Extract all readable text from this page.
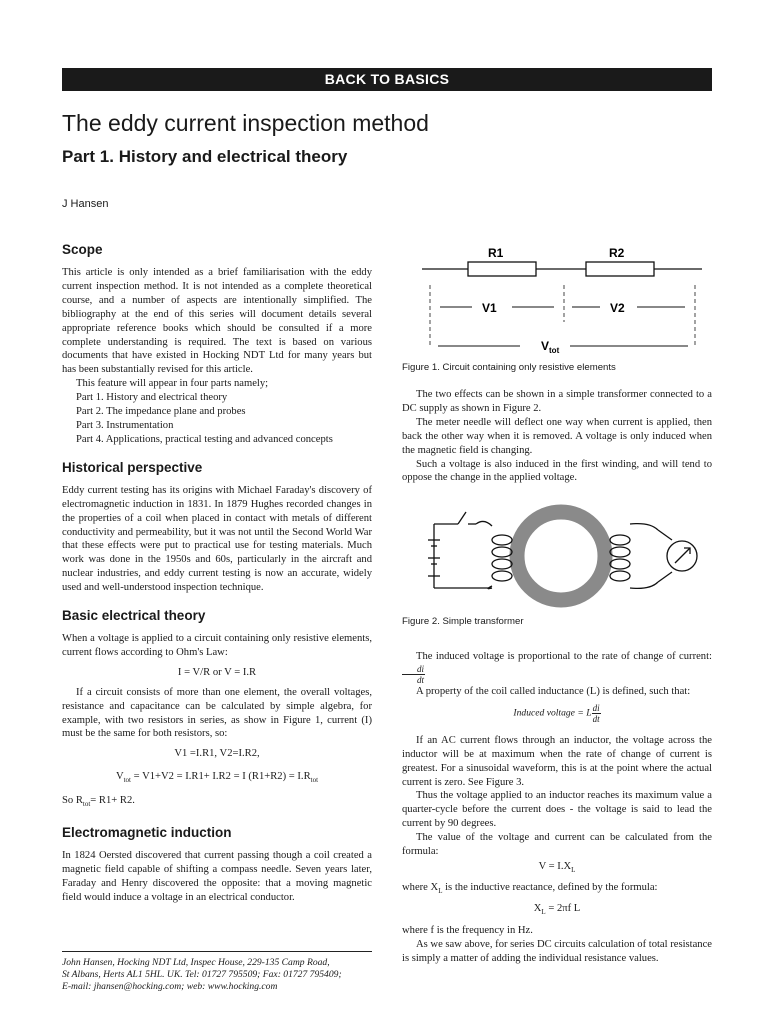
BACK TO BASICS
The eddy current inspection method
Part 1. History and electrical theory
J Hansen
Scope

This article is only intended as a brief familiarisation with the eddy current inspection method. It is not intended as a complete theoretical course, and a number of aspects are intentionally simplified. The bibliography at the end of this series will document details several appropriate reference books which should be consulted if a more complete understanding is required. The text is based on various documents that have existed in Hocking NDT Ltd for many years but has been substantially revised for this article.

This feature will appear in four parts namely;

Part 1. History and electrical theory

Part 2. The impedance plane and probes

Part 3. Instrumentation

Part 4. Applications, practical testing and advanced concepts

Historical perspective

Eddy current testing has its origins with Michael Faraday's discovery of electromagnetic induction in 1831. In 1879 Hughes recorded changes in the properties of a coil when placed in contact with metals of different conductivity and permeability, but it was not until the Second World War that these effects were put to practical use for testing materials. Much work was done in the 1950s and 60s, particularly in the aircraft and nuclear industries, and eddy current testing is now an accurate, widely used and well-understood inspection technique.

Basic electrical theory

When a voltage is applied to a circuit containing only resistive elements, current flows according to Ohm's Law:

I = V/R or V = I.R

If a circuit consists of more than one element, the overall voltages, resistance and capacitance can be calculated by simple algebra, for example, with two resistors in series, as show in Figure 1, current (I) must be the same for both resistors, so:

V1 =I.R1, V2=I.R2,

$V_{tot} = V1+V2 = I.R1+ I.R2 = I$ $(R1+R2) = I.R_{tot}$

So $R_{tot}= R1+ R2$.

Electromagnetic induction

In 1824 Oersted discovered that current passing though a coil created a magnetic field capable of shifting a compass needle. Seven years later, Faraday and Henry discovered the opposite: that a moving magnetic field would induce a voltage in an electrical conductor.

John Hansen, Hocking NDT Ltd, Inspec House, 229-135 Camp Road,
St Albans, Herts AL1 5HL. UK. Tel: 01727 795509; Fax: 01727 795409;
E-mail: jhansen@hocking.com; web: www.hocking.com
R1	R2
V1	V2
$V_{tot}$

Figure 1. Circuit containing only resistive elements

The two effects can be shown in a simple transformer connected to a DC supply as shown in Figure 2.

The meter needle will deflect one way when current is applied, then back the other way when it is removed. A voltage is only induced when the magnetic field is changing.

Such a voltage is also induced in the first winding, and will tend to oppose the change in the applied voltage.

Figure 2. Simple transformer

The induced voltage is proportional to the rate of change of current:
$\frac{di}{dt}$

A property of the coil called inductance (L) is defined, such that:

Induced voltage = L $\frac{di}{dt}$

If an AC current flows through an inductor, the voltage across the inductor will be at maximum when the rate of change of current is greatest. For a sinusoidal waveform, this is at the point where the actual current is zero. See Figure 3.

Thus the voltage applied to an inductor reaches its maximum value a quarter-cycle before the current does - the voltage is said to lead the current by 90 degrees.

The value of the voltage and current can be calculated from the formula:

$V = I.X_L$

where $X_L$ is the inductive reactance, defined by the formula:

$X_L = 2\pi f$ L

where f is the frequency in Hz.

As we saw above, for series DC circuits calculation of total resistance is simply a matter of adding the individual resistance values.
